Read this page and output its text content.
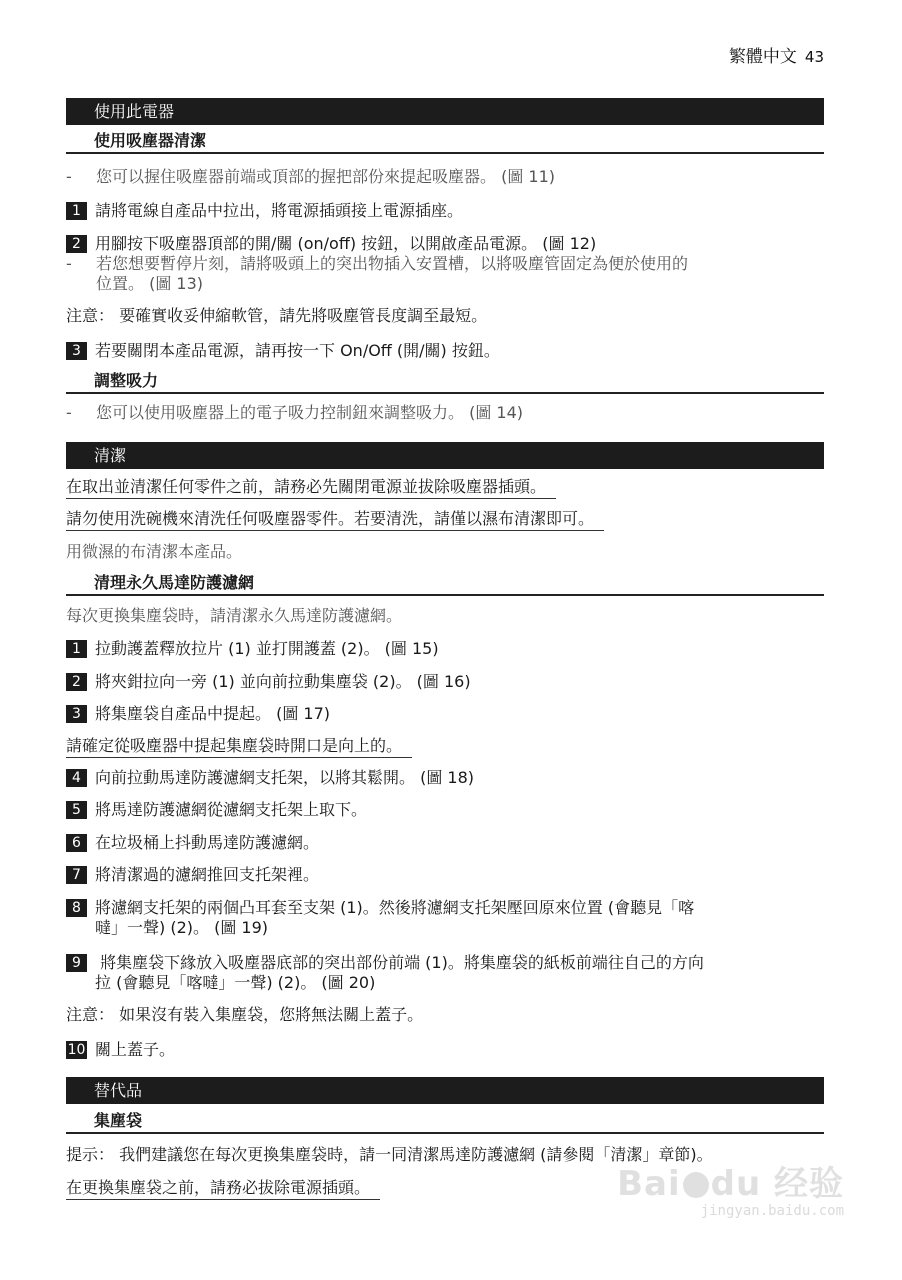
繁體中文 43
使用此電器
使用吸塵器清潔
- 您可以握住吸塵器前端或頂部的握把部份來提起吸塵器。 (圖 11)
1 請將電線自產品中拉出，將電源插頭接上電源插座。
2 用腳按下吸塵器頂部的開/關 (on/off) 按鈕，以開啟產品電源。 (圖 12)
- 若您想要暫停片刻，請將吸頭上的突出物插入安置槽，以將吸塵管固定為便於使用的
位置。 (圖 13)
注意： 要確實收妥伸縮軟管，請先將吸塵管長度調至最短。
3 若要關閉本產品電源，請再按一下 On/Off (開/關) 按鈕。
調整吸力
- 您可以使用吸塵器上的電子吸力控制鈕來調整吸力。 (圖 14)
清潔
在取出並清潔任何零件之前，請務必先關閉電源並拔除吸塵器插頭。
請勿使用洗碗機來清洗任何吸塵器零件。若要清洗，請僅以濕布清潔即可。
用微濕的布清潔本產品。
清理永久馬達防護濾網
每次更換集塵袋時，請清潔永久馬達防護濾網。
1 拉動護蓋釋放拉片 (1) 並打開護蓋 (2)。 (圖 15)
2 將夾鉗拉向一旁 (1) 並向前拉動集塵袋 (2)。 (圖 16)
3 將集塵袋自產品中提起。 (圖 17)
請確定從吸塵器中提起集塵袋時開口是向上的。
4 向前拉動馬達防護濾網支托架，以將其鬆開。 (圖 18)
5 將馬達防護濾網從濾網支托架上取下。
6 在垃圾桶上抖動馬達防護濾網。
7 將清潔過的濾網推回支托架裡。
8 將濾網支托架的兩個凸耳套至支架 (1)。然後將濾網支托架壓回原來位置 (會聽見「喀
噠」一聲) (2)。 (圖 19)
9 將集塵袋下緣放入吸塵器底部的突出部份前端 (1)。將集塵袋的紙板前端往自己的方向
拉 (會聽見「喀噠」一聲) (2)。 (圖 20)
注意： 如果沒有裝入集塵袋，您將無法關上蓋子。
10 關上蓋子。
替代品
集塵袋
提示： 我們建議您在每次更換集塵袋時，請一同清潔馬達防護濾網 (請參閱「清潔」章節)。
在更換集塵袋之前，請務必拔除電源插頭。	Bai du 经验
jingyan.baidu.com
